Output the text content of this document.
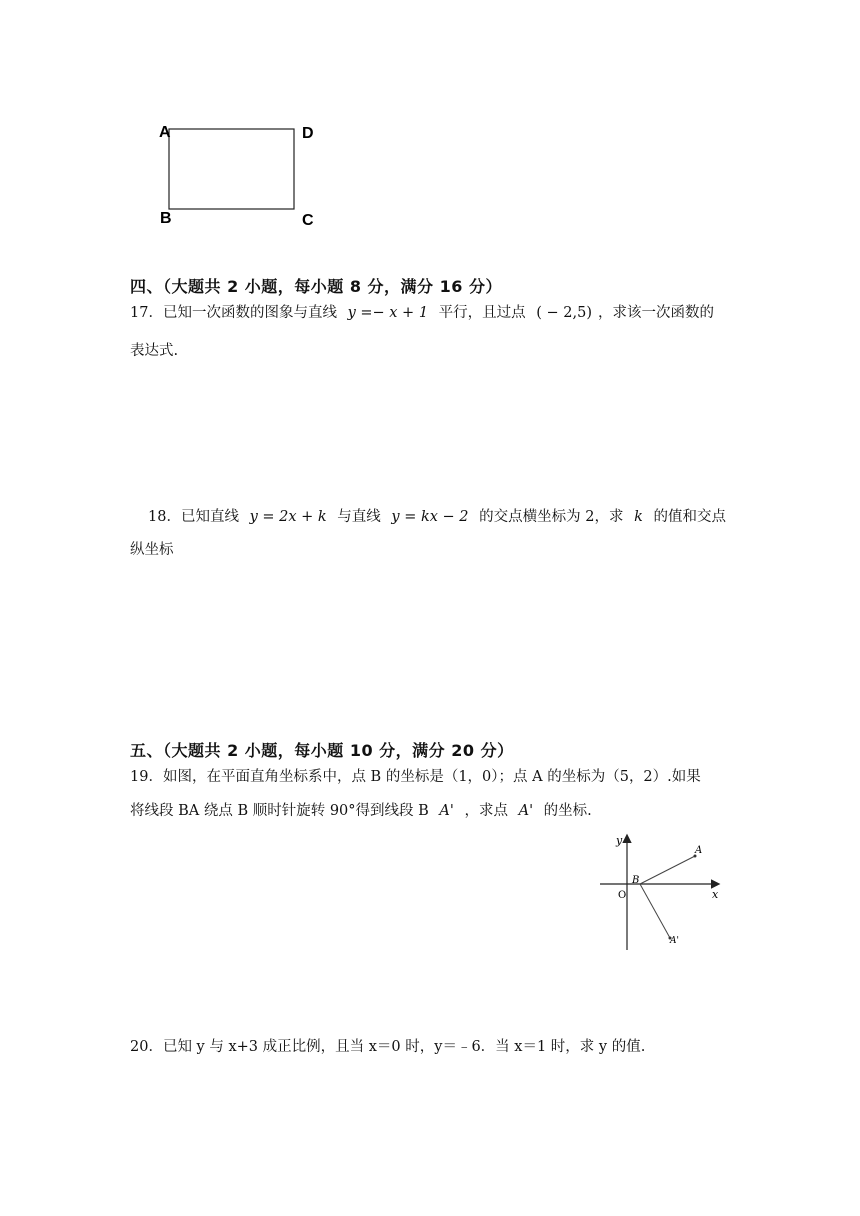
A	D
B	C
四、（大题共 2 小题，每小题 8 分，满分 16 分）
17．已知一次函数的图象与直线 y =− x + 1 平行，且过点 ( − 2,5) ，求该一次函数的
表达式.
18．已知直线 y = 2x + k 与直线 y = kx − 2 的交点横坐标为 2，求 k 的值和交点
纵坐标
五、（大题共 2 小题，每小题 10 分，满分 20 分）
19．如图，在平面直角坐标系中，点 B 的坐标是（1，0）；点 A 的坐标为（5，2）.如果
将线段 BA 绕点 B 顺时针旋转 90°得到线段 B A' ，求点 A' 的坐标.
y
x
O
B
A
A'
20．已知 y 与 x+3 成正比例，且当 x＝0 时，y＝﹣6．当 x＝1 时，求 y 的值.
